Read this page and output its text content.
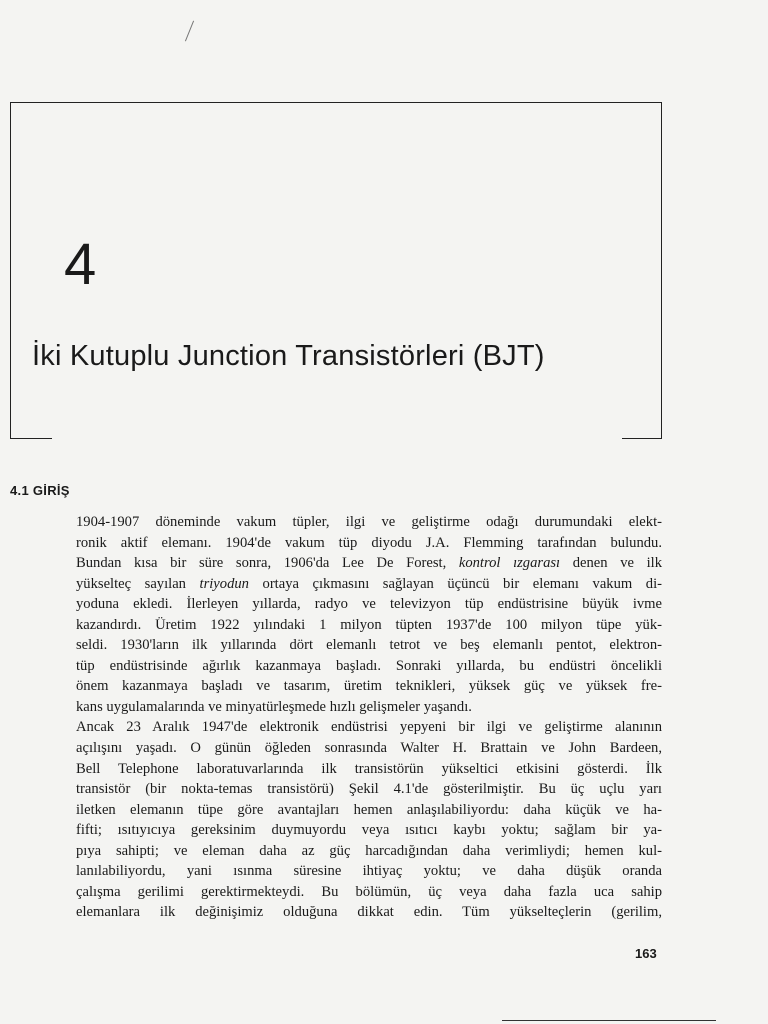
4
İki Kutuplu Junction Transistörleri (BJT)
4.1 GİRİŞ
1904-1907 döneminde vakum tüpler, ilgi ve geliştirme odağı durumundaki elekt-
ronik aktif elemanı. 1904'de vakum tüp diyodu J.A. Flemming tarafından bulundu.
Bundan kısa bir süre sonra, 1906'da Lee De Forest, kontrol ızgarası denen ve ilk
yükselteç sayılan triyodun ortaya çıkmasını sağlayan üçüncü bir elemanı vakum di-
yoduna ekledi. İlerleyen yıllarda, radyo ve televizyon tüp endüstrisine büyük ivme
kazandırdı. Üretim 1922 yılındaki 1 milyon tüpten 1937'de 100 milyon tüpe yük-
seldi. 1930'ların ilk yıllarında dört elemanlı tetrot ve beş elemanlı pentot, elektron-
tüp endüstrisinde ağırlık kazanmaya başladı. Sonraki yıllarda, bu endüstri öncelikli
önem kazanmaya başladı ve tasarım, üretim teknikleri, yüksek güç ve yüksek fre-
kans uygulamalarında ve minyatürleşmede hızlı gelişmeler yaşandı.
Ancak 23 Aralık 1947'de elektronik endüstrisi yepyeni bir ilgi ve geliştirme alanının
açılışını yaşadı. O günün öğleden sonrasında Walter H. Brattain ve John Bardeen,
Bell Telephone laboratuvarlarında ilk transistörün yükseltici etkisini gösterdi. İlk
transistör (bir nokta-temas transistörü) Şekil 4.1'de gösterilmiştir. Bu üç uçlu yarı
iletken elemanın tüpe göre avantajları hemen anlaşılabiliyordu: daha küçük ve ha-
fifti; ısıtıyıcıya gereksinim duymuyordu veya ısıtıcı kaybı yoktu; sağlam bir ya-
pıya sahipti; ve eleman daha az güç harcadığından daha verimliydi; hemen kul-
lanılabiliyordu, yani ısınma süresine ihtiyaç yoktu; ve daha düşük oranda
çalışma gerilimi gerektirmekteydi. Bu bölümün, üç veya daha fazla uca sahip
elemanlara ilk değinişimiz olduğuna dikkat edin. Tüm yükselteçlerin (gerilim,

163
